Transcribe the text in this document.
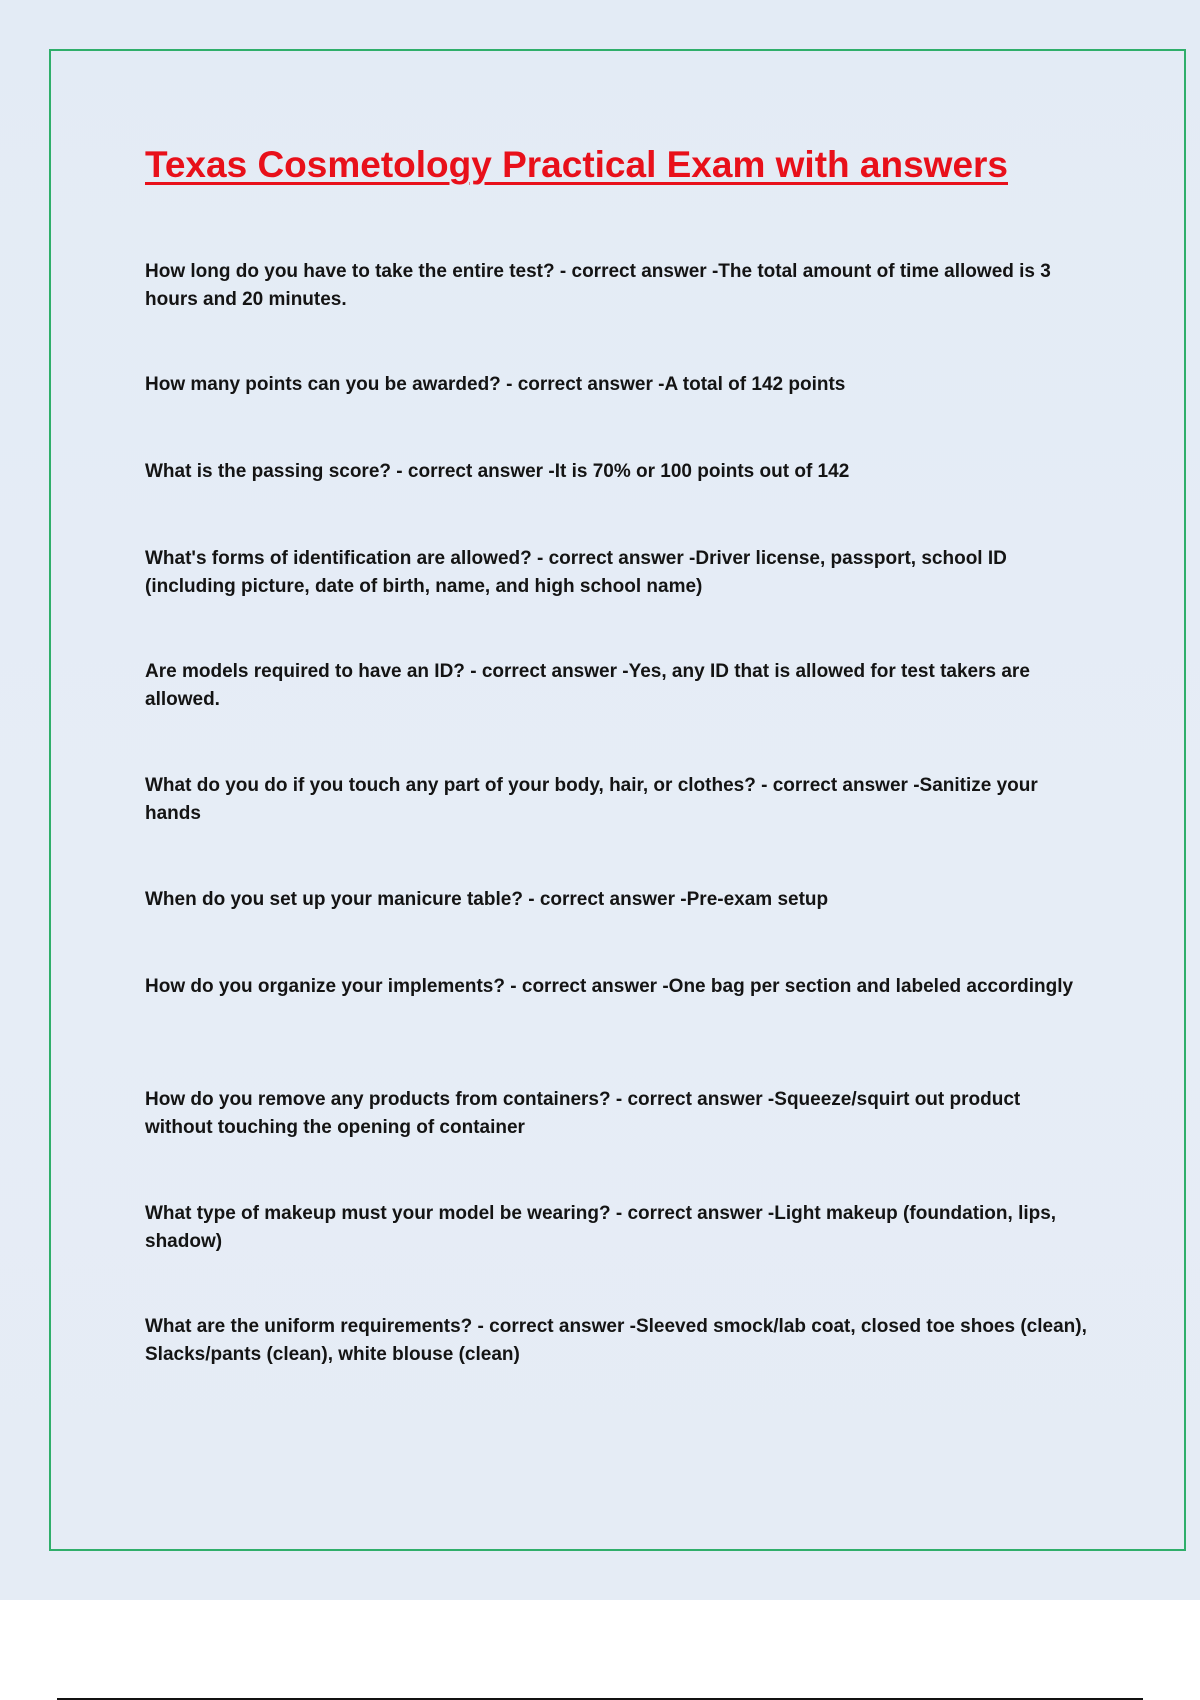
Texas Cosmetology Practical Exam with answers

How long do you have to take the entire test? - correct answer -The total amount of time allowed is 3 hours and 20 minutes.

How many points can you be awarded? - correct answer -A total of 142 points

What is the passing score? - correct answer -It is 70% or 100 points out of 142

What's forms of identification are allowed? - correct answer -Driver license, passport, school ID (including picture, date of birth, name, and high school name)

Are models required to have an ID? - correct answer -Yes, any ID that is allowed for test takers are allowed.

What do you do if you touch any part of your body, hair, or clothes? - correct answer -Sanitize your hands

When do you set up your manicure table? - correct answer -Pre-exam setup

How do you organize your implements? - correct answer -One bag per section and labeled accordingly

How do you remove any products from containers? - correct answer -Squeeze/squirt out product without touching the opening of container

What type of makeup must your model be wearing? - correct answer -Light makeup (foundation, lips, shadow)

What are the uniform requirements? - correct answer -Sleeved smock/lab coat, closed toe shoes (clean), Slacks/pants (clean), white blouse (clean)
